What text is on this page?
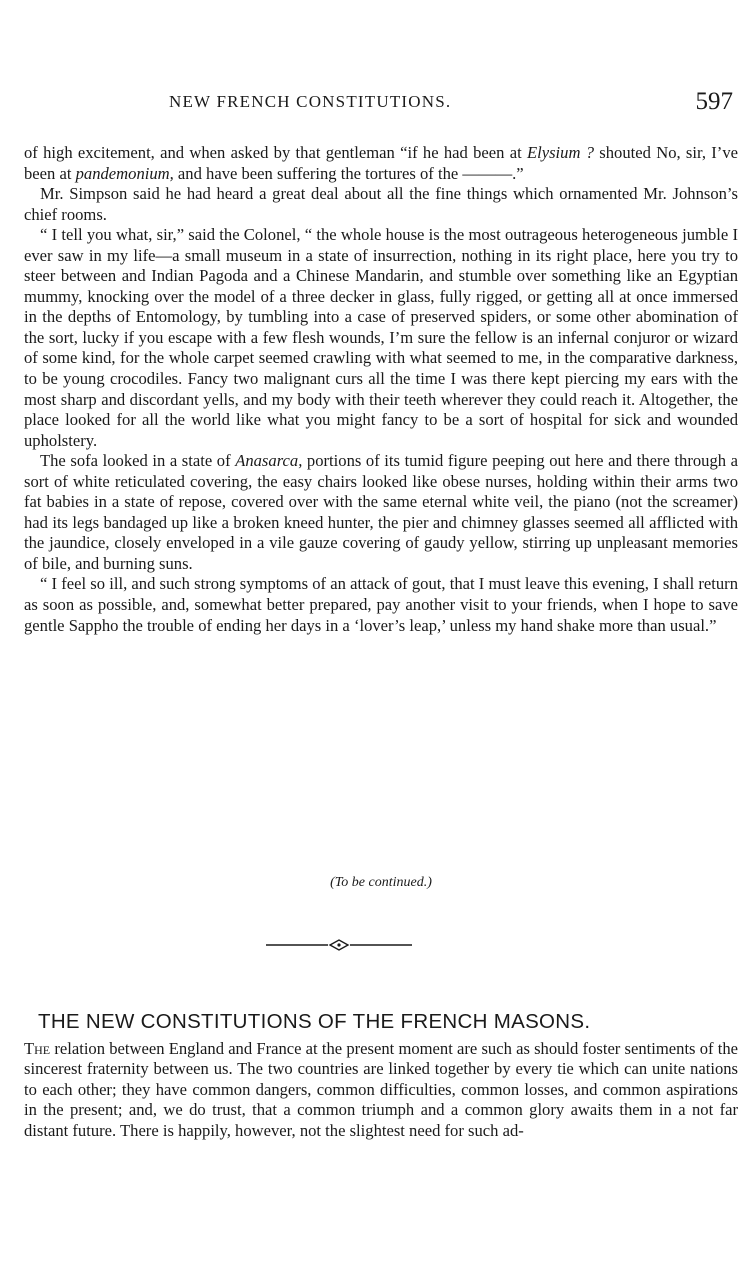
NEW FRENCH CONSTITUTIONS.	597

of high excitement, and when asked by that gentleman “if he had been at Elysium ? shouted No, sir, I’ve been at pandemonium, and have been suffering the tortures of the ———.”

Mr. Simpson said he had heard a great deal about all the fine things which ornamented Mr. Johnson’s chief rooms.

“ I tell you what, sir,” said the Colonel, “ the whole house is the most outrageous heterogeneous jumble I ever saw in my life—a small museum in a state of insurrection, nothing in its right place, here you try to steer between and Indian Pagoda and a Chinese Mandarin, and stumble over something like an Egyptian mummy, knocking over the model of a three decker in glass, fully rigged, or getting all at once immersed in the depths of Entomology, by tumbling into a case of preserved spiders, or some other abomination of the sort, lucky if you escape with a few flesh wounds, I’m sure the fellow is an infernal conjuror or wizard of some kind, for the whole carpet seemed crawling with what seemed to me, in the comparative darkness, to be young crocodiles. Fancy two malignant curs all the time I was there kept piercing my ears with the most sharp and discordant yells, and my body with their teeth wherever they could reach it. Altogether, the place looked for all the world like what you might fancy to be a sort of hospital for sick and wounded upholstery.

The sofa looked in a state of Anasarca, portions of its tumid figure peeping out here and there through a sort of white reticulated covering, the easy chairs looked like obese nurses, holding within their arms two fat babies in a state of repose, covered over with the same eternal white veil, the piano (not the screamer) had its legs bandaged up like a broken kneed hunter, the pier and chimney glasses seemed all afflicted with the jaundice, closely enveloped in a vile gauze covering of gaudy yellow, stirring up unpleasant memories of bile, and burning suns.

“ I feel so ill, and such strong symptoms of an attack of gout, that I must leave this evening, I shall return as soon as possible, and, somewhat better prepared, pay another visit to your friends, when I hope to save gentle Sappho the trouble of ending her days in a ‘lover’s leap,’ unless my hand shake more than usual.”

(To be continued.)
THE NEW CONSTITUTIONS OF THE FRENCH MASONS.

The relation between England and France at the present moment are such as should foster sentiments of the sincerest fraternity between us. The two countries are linked together by every tie which can unite nations to each other; they have common dangers, common difficulties, common losses, and common aspirations in the present; and, we do trust, that a common triumph and a common glory awaits them in a not far distant future. There is happily, however, not the slightest need for such ad-
